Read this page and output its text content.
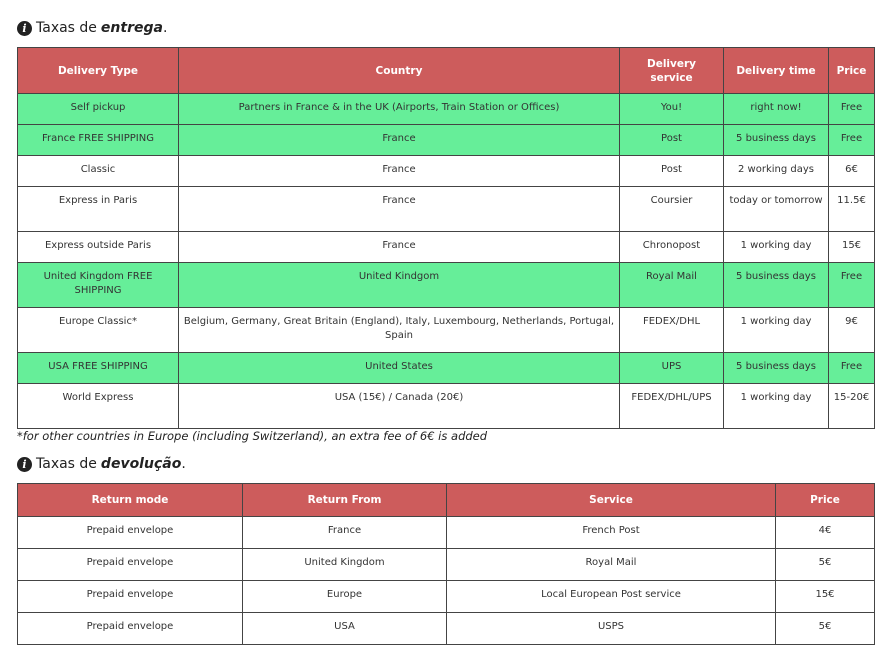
i Taxas de entrega .
Delivery Type	Country	Delivery service	Delivery time	Price
Self pickup	Partners in France & in the UK (Airports, Train Station or Offices)	You!	right now!	Free
France FREE SHIPPING	France	Post	5 business days	Free
Classic	France	Post	2 working days	6€
Express in Paris	France	Coursier	today or tomorrow	11.5€
Express outside Paris	France	Chronopost	1 working day	15€
United Kingdom FREE SHIPPING	United Kindgom	Royal Mail	5 business days	Free
Europe Classic*	Belgium, Germany, Great Britain (England), Italy, Luxembourg, Netherlands, Portugal, Spain	FEDEX/DHL	1 working day	9€
USA FREE SHIPPING	United States	UPS	5 business days	Free
World Express	USA (15€) / Canada (20€)	FEDEX/DHL/UPS	1 working day	15-20€
*for other countries in Europe (including Switzerland), an extra fee of 6€ is added
i Taxas de devolução .
Return mode	Return From	Service	Price
Prepaid envelope	France	French Post	4€
Prepaid envelope	United Kingdom	Royal Mail	5€
Prepaid envelope	Europe	Local European Post service	15€
Prepaid envelope	USA	USPS	5€
